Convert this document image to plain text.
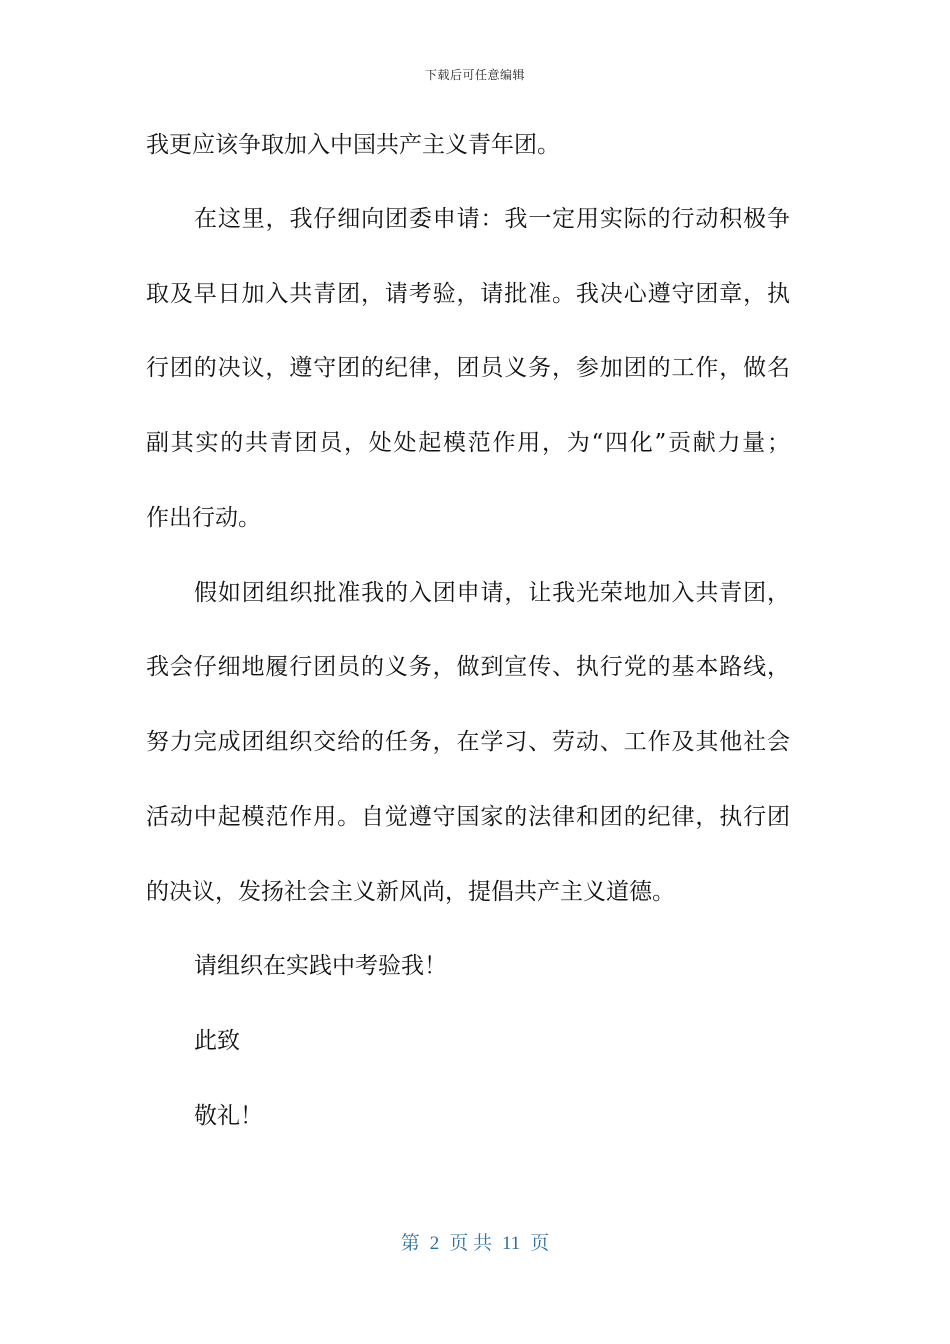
下载后可任意编辑
我更应该争取加入中国共产主义青年团。
在这里，我仔细向团委申请：我一定用实际的行动积极争
取及早日加入共青团，请考验，请批准。我决心遵守团章，执
行团的决议，遵守团的纪律，团员义务，参加团的工作，做名
副其实的共青团员，处处起模范作用，为“四化”贡献力量；
作出行动。
假如团组织批准我的入团申请，让我光荣地加入共青团，
我会仔细地履行团员的义务，做到宣传、执行党的基本路线，
努力完成团组织交给的任务，在学习、劳动、工作及其他社会
活动中起模范作用。自觉遵守国家的法律和团的纪律，执行团
的决议，发扬社会主义新风尚，提倡共产主义道德。
请组织在实践中考验我！
此致
敬礼！
第 2 页 共 11 页
